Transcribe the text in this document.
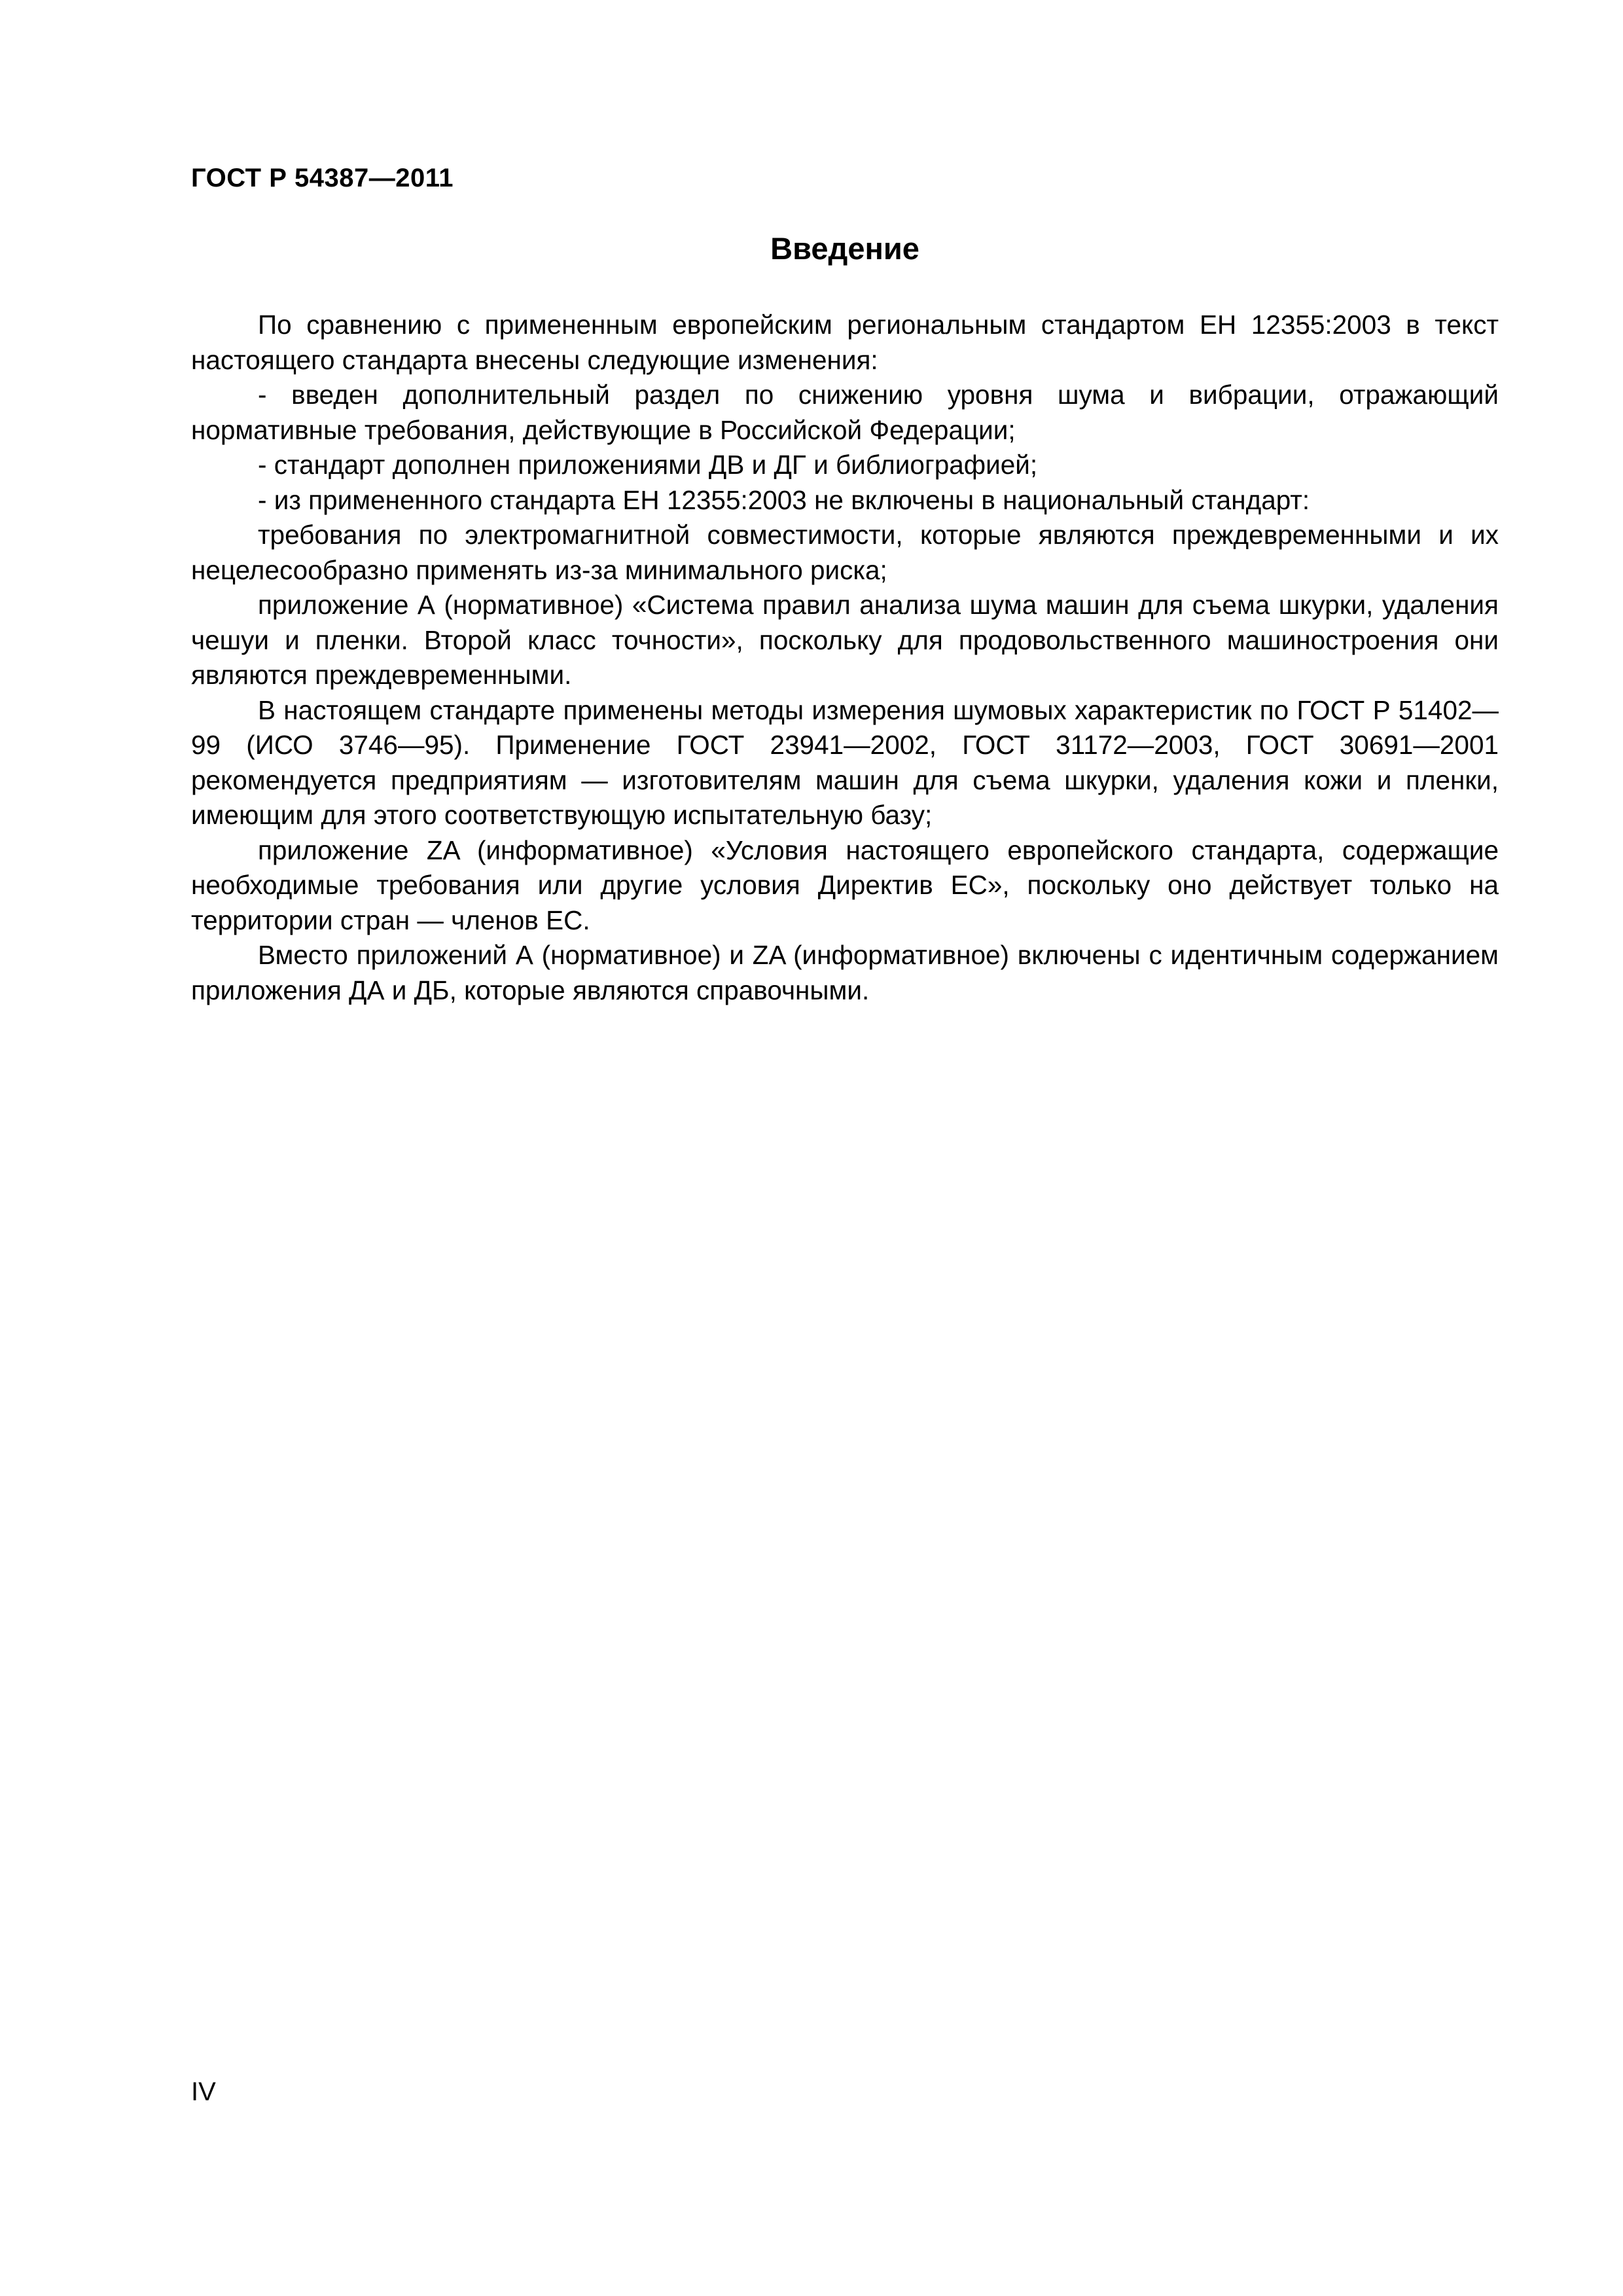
ГОСТ Р 54387—2011
Введение

По сравнению с примененным европейским региональным стандартом ЕН 12355:2003 в текст настоящего стандарта внесены следующие изменения:

- введен дополнительный раздел по снижению уровня шума и вибрации, отражающий нормативные требования, действующие в Российской Федерации;

- стандарт дополнен приложениями ДВ и ДГ и библиографией;

- из примененного стандарта ЕН 12355:2003 не включены в национальный стандарт:

требования по электромагнитной совместимости, которые являются преждевременными и их нецелесообразно применять из-за минимального риска;

приложение А (нормативное) «Система правил анализа шума машин для съема шкурки, удаления чешуи и пленки. Второй класс точности», поскольку для продовольственного машиностроения они являются преждевременными.

В настоящем стандарте применены методы измерения шумовых характеристик по ГОСТ Р 51402—99 (ИСО 3746—95). Применение ГОСТ 23941—2002, ГОСТ 31172—2003, ГОСТ 30691—2001 рекомендуется предприятиям — изготовителям машин для съема шкурки, удаления кожи и пленки, имеющим для этого соответствующую испытательную базу;

приложение ZA (информативное) «Условия настоящего европейского стандарта, содержащие необходимые требования или другие условия Директив ЕС», поскольку оно действует только на территории стран — членов ЕС.

Вместо приложений А (нормативное) и ZA (информативное) включены с идентичным содержанием приложения ДА и ДБ, которые являются справочными.

IV
